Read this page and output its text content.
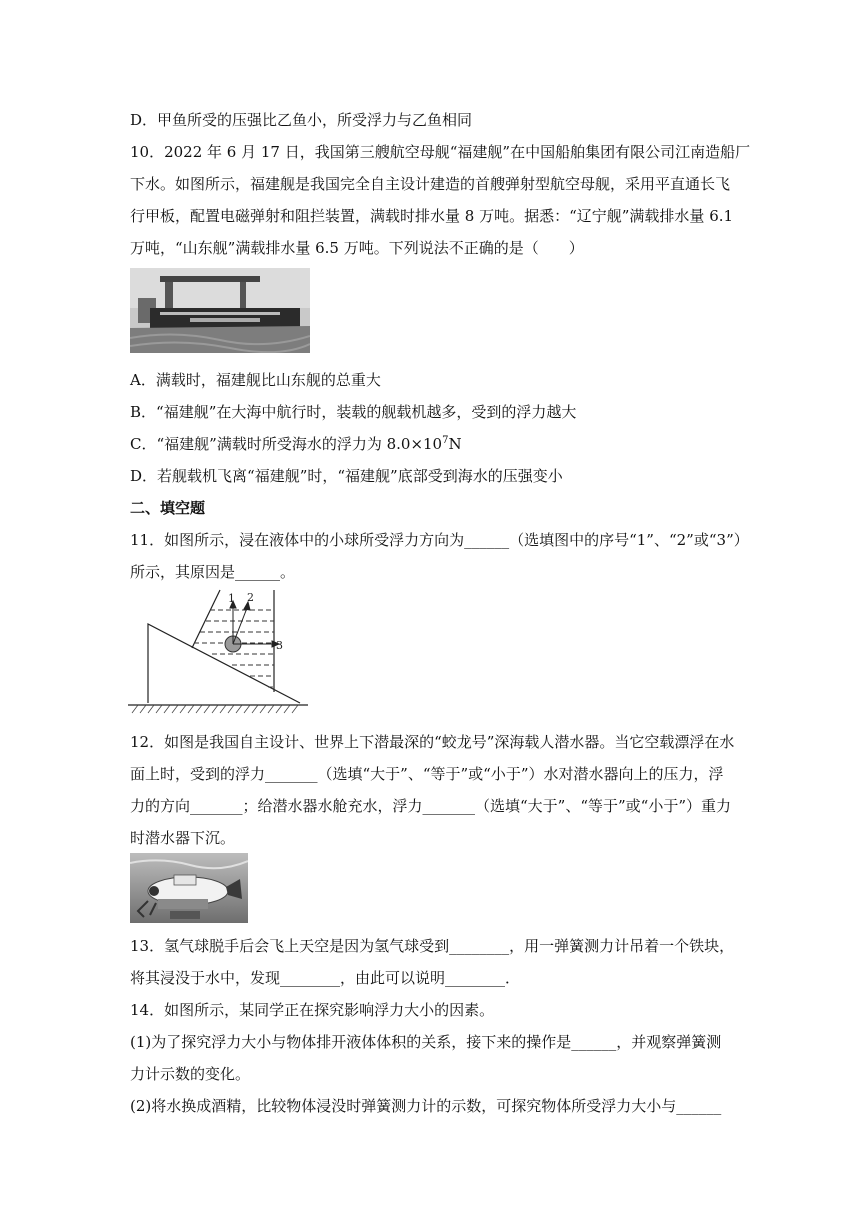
D．甲鱼所受的压强比乙鱼小，所受浮力与乙鱼相同
10．2022 年 6 月 17 日，我国第三艘航空母舰“福建舰”在中国船舶集团有限公司江南造船厂
下水。如图所示，福建舰是我国完全自主设计建造的首艘弹射型航空母舰，采用平直通长飞
行甲板，配置电磁弹射和阻拦装置，满载时排水量 8 万吨。据悉：“辽宁舰”满载排水量 6.1
万吨，“山东舰”满载排水量 6.5 万吨。下列说法不正确的是（　　）
A．满载时，福建舰比山东舰的总重大
B．“福建舰”在大海中航行时，装载的舰载机越多，受到的浮力越大
C．“福建舰”满载时所受海水的浮力为 $8.0\times 10^7N$
D．若舰载机飞离“福建舰”时，“福建舰”底部受到海水的压强变小
二、填空题
11．如图所示，浸在液体中的小球所受浮力方向为______（选填图中的序号“1”、“2”或“3”）
所示，其原因是______。
1 2
3
12．如图是我国自主设计、世界上下潜最深的“蛟龙号”深海载人潜水器。当它空载漂浮在水
面上时，受到的浮力_______（选填“大于”、“等于”或“小于”）水对潜水器向上的压力，浮
力的方向_______；给潜水器水舱充水，浮力_______（选填“大于”、“等于”或“小于”）重力
时潜水器下沉。
13．氢气球脱手后会飞上天空是因为氢气球受到________，用一弹簧测力计吊着一个铁块，
将其浸没于水中，发现________，由此可以说明________．
14．如图所示，某同学正在探究影响浮力大小的因素。
(1)为了探究浮力大小与物体排开液体体积的关系，接下来的操作是______，并观察弹簧测
力计示数的变化。
(2)将水换成酒精，比较物体浸没时弹簧测力计的示数，可探究物体所受浮力大小与______
